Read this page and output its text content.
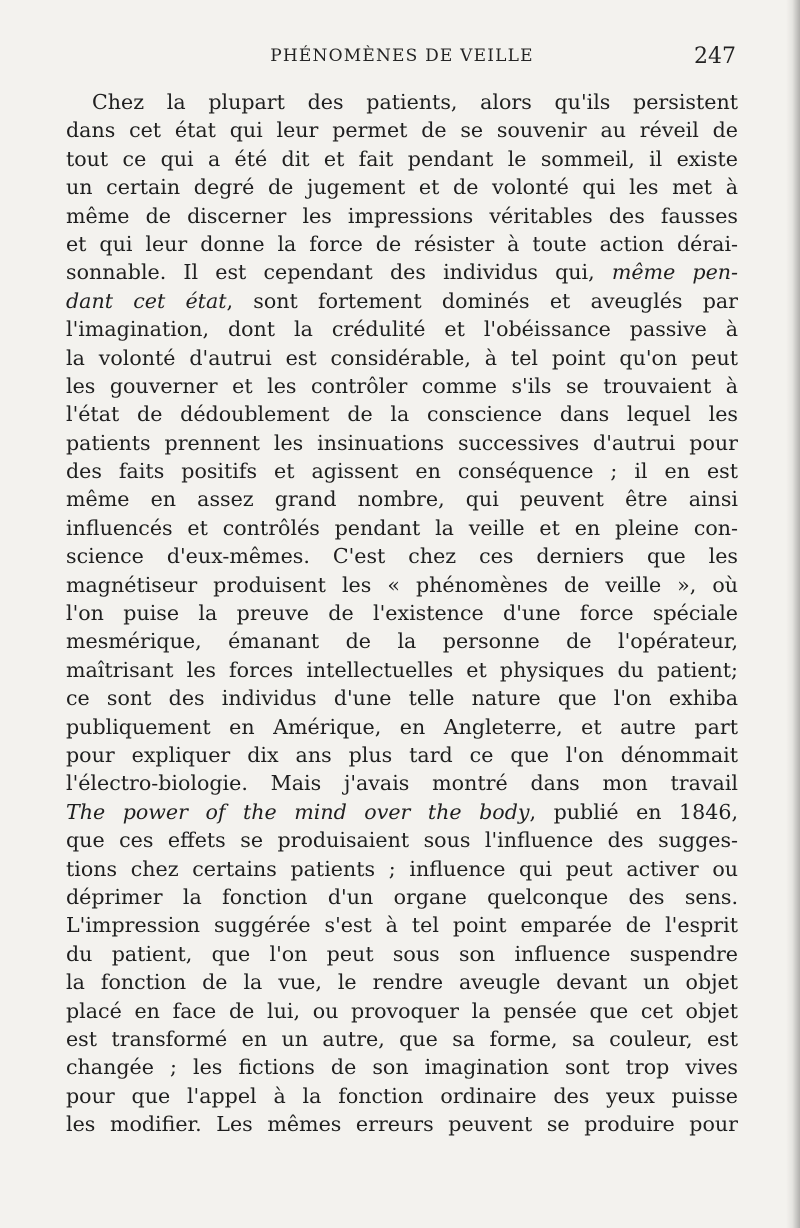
PHÉNOMÈNES DE VEILLE	247
Chez la plupart des patients, alors qu'ils persistent
dans cet état qui leur permet de se souvenir au réveil de
tout ce qui a été dit et fait pendant le sommeil, il existe
un certain degré de jugement et de volonté qui les met à
même de discerner les impressions véritables des fausses
et qui leur donne la force de résister à toute action dérai-
sonnable. Il est cependant des individus qui, même pen-
dant cet état, sont fortement dominés et aveuglés par
l'imagination, dont la crédulité et l'obéissance passive à
la volonté d'autrui est considérable, à tel point qu'on peut
les gouverner et les contrôler comme s'ils se trouvaient à
l'état de dédoublement de la conscience dans lequel les
patients prennent les insinuations successives d'autrui pour
des faits positifs et agissent en conséquence ; il en est
même en assez grand nombre, qui peuvent être ainsi
influencés et contrôlés pendant la veille et en pleine con-
science d'eux-mêmes. C'est chez ces derniers que les
magnétiseur produisent les « phénomènes de veille », où
l'on puise la preuve de l'existence d'une force spéciale
mesmérique, émanant de la personne de l'opérateur,
maîtrisant les forces intellectuelles et physiques du patient;
ce sont des individus d'une telle nature que l'on exhiba
publiquement en Amérique, en Angleterre, et autre part
pour expliquer dix ans plus tard ce que l'on dénommait
l'électro-biologie. Mais j'avais montré dans mon travail
The power of the mind over the body, publié en 1846,
que ces effets se produisaient sous l'influence des sugges-
tions chez certains patients ; influence qui peut activer ou
déprimer la fonction d'un organe quelconque des sens.
L'impression suggérée s'est à tel point emparée de l'esprit
du patient, que l'on peut sous son influence suspendre
la fonction de la vue, le rendre aveugle devant un objet
placé en face de lui, ou provoquer la pensée que cet objet
est transformé en un autre, que sa forme, sa couleur, est
changée ; les fictions de son imagination sont trop vives
pour que l'appel à la fonction ordinaire des yeux puisse
les modifier. Les mêmes erreurs peuvent se produire pour
